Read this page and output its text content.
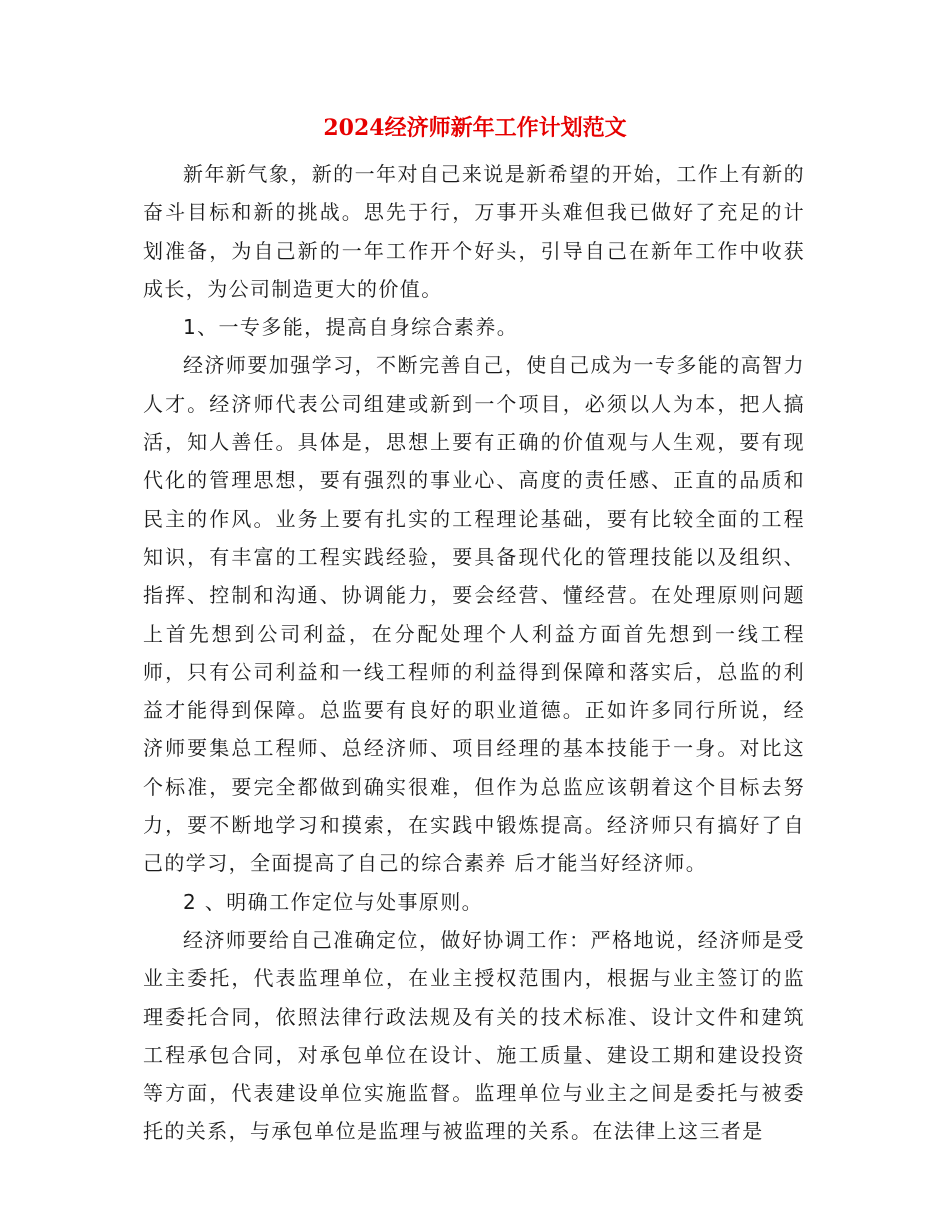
2024经济师新年工作计划范文

新年新气象，新的一年对自己来说是新希望的开始，工作上有新的奋斗目标和新的挑战。思先于行，万事开头难但我已做好了充足的计划准备，为自己新的一年工作开个好头，引导自己在新年工作中收获成长，为公司制造更大的价值。

1、一专多能，提高自身综合素养。

经济师要加强学习，不断完善自己，使自己成为一专多能的高智力人才。经济师代表公司组建或新到一个项目，必须以人为本，把人搞活，知人善任。具体是，思想上要有正确的价值观与人生观，要有现代化的管理思想，要有强烈的事业心、高度的责任感、正直的品质和民主的作风。业务上要有扎实的工程理论基础，要有比较全面的工程知识，有丰富的工程实践经验，要具备现代化的管理技能以及组织、指挥、控制和沟通、协调能力，要会经营、懂经营。在处理原则问题上首先想到公司利益，在分配处理个人利益方面首先想到一线工程师，只有公司利益和一线工程师的利益得到保障和落实后，总监的利益才能得到保障。总监要有良好的职业道德。正如许多同行所说，经济师要集总工程师、总经济师、项目经理的基本技能于一身。对比这个标准，要完全都做到确实很难，但作为总监应该朝着这个目标去努力，要不断地学习和摸索，在实践中锻炼提高。经济师只有搞好了自己的学习，全面提高了自己的综合素养 后才能当好经济师。

2 、明确工作定位与处事原则。

经济师要给自己准确定位，做好协调工作：严格地说，经济师是受业主委托，代表监理单位，在业主授权范围内，根据与业主签订的监理委托合同，依照法律行政法规及有关的技术标准、设计文件和建筑工程承包合同，对承包单位在设计、施工质量、建设工期和建设投资等方面，代表建设单位实施监督。监理单位与业主之间是委托与被委托的关系，与承包单位是监理与被监理的关系。在法律上这三者是
